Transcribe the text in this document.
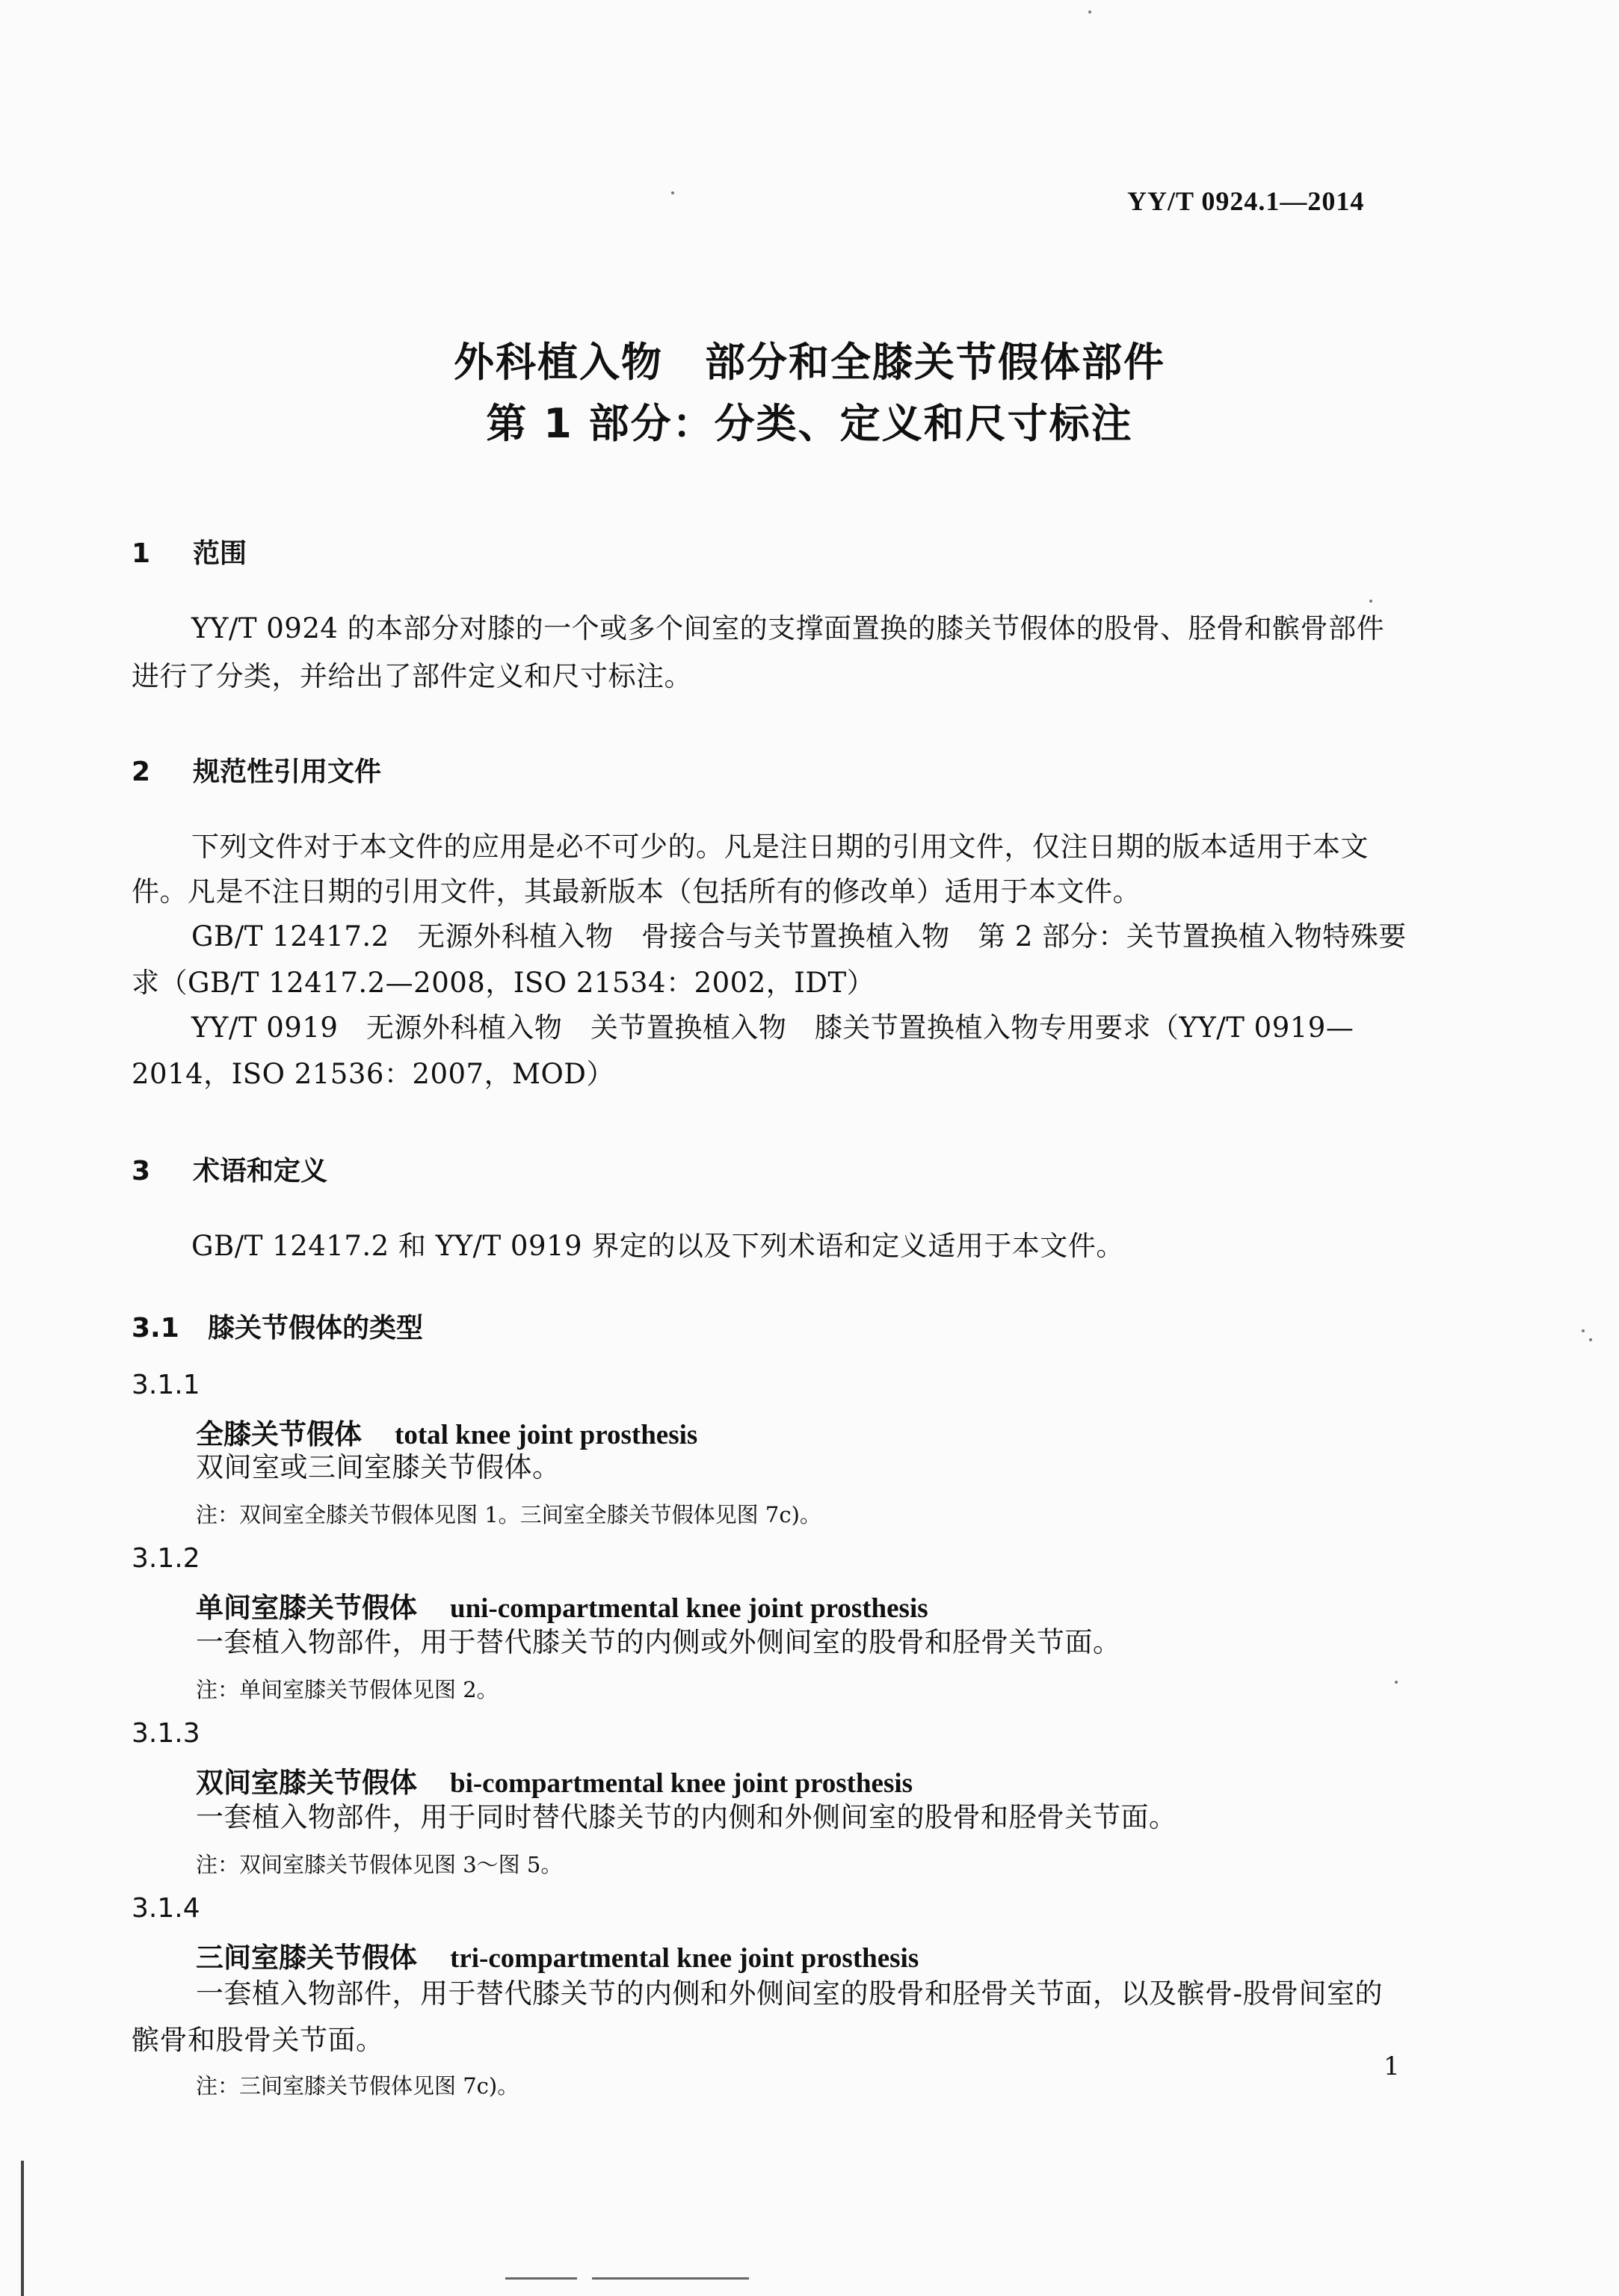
YY/T 0924.1—2014
外科植入物　部分和全膝关节假体部件
第 1 部分：分类、定义和尺寸标注
1 范围
YY/T 0924 的本部分对膝的一个或多个间室的支撑面置换的膝关节假体的股骨、胫骨和髌骨部件
进行了分类，并给出了部件定义和尺寸标注。
2 规范性引用文件
下列文件对于本文件的应用是必不可少的。凡是注日期的引用文件，仅注日期的版本适用于本文
件。凡是不注日期的引用文件，其最新版本（包括所有的修改单）适用于本文件。
GB/T 12417.2　无源外科植入物　骨接合与关节置换植入物　第 2 部分：关节置换植入物特殊要
求（GB/T 12417.2—2008，ISO 21534：2002，IDT）
YY/T 0919　无源外科植入物　关节置换植入物　膝关节置换植入物专用要求（YY/T 0919—
2014，ISO 21536：2007，MOD）
3 术语和定义
GB/T 12417.2 和 YY/T 0919 界定的以及下列术语和定义适用于本文件。
3.1 膝关节假体的类型
3.1.1
全膝关节假体 total knee joint prosthesis
双间室或三间室膝关节假体。
注：双间室全膝关节假体见图 1。三间室全膝关节假体见图 7c)。
3.1.2
单间室膝关节假体 uni-compartmental knee joint prosthesis
一套植入物部件，用于替代膝关节的内侧或外侧间室的股骨和胫骨关节面。
注：单间室膝关节假体见图 2。
3.1.3
双间室膝关节假体 bi-compartmental knee joint prosthesis
一套植入物部件，用于同时替代膝关节的内侧和外侧间室的股骨和胫骨关节面。
注：双间室膝关节假体见图 3～图 5。
3.1.4
三间室膝关节假体 tri-compartmental knee joint prosthesis
一套植入物部件，用于替代膝关节的内侧和外侧间室的股骨和胫骨关节面，以及髌骨-股骨间室的
髌骨和股骨关节面。
注：三间室膝关节假体见图 7c)。
1
